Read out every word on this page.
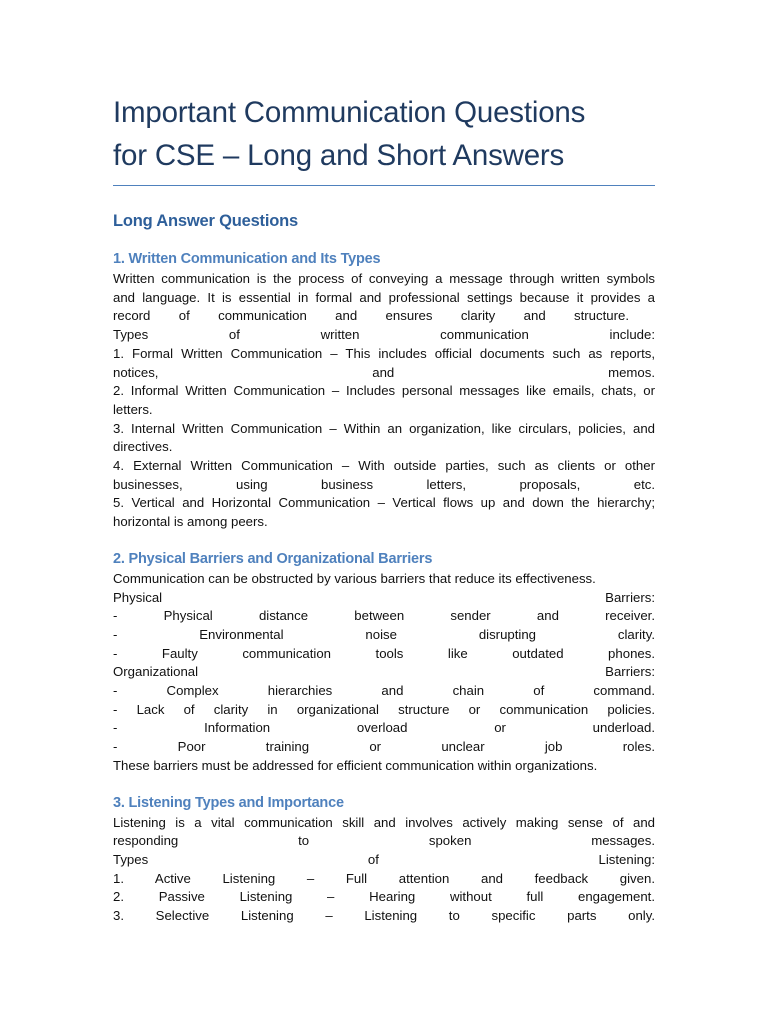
Important Communication Questions
for CSE – Long and Short Answers
Long Answer Questions
1. Written Communication and Its Types
Written communication is the process of conveying a message through written symbols
and language. It is essential in formal and professional settings because it provides a
record of communication and ensures clarity and structure.
Types of written communication include:
1. Formal Written Communication – This includes official documents such as reports,
notices, and memos.
2. Informal Written Communication – Includes personal messages like emails, chats, or
letters.
3. Internal Written Communication – Within an organization, like circulars, policies, and
directives.
4. External Written Communication – With outside parties, such as clients or other
businesses, using business letters, proposals, etc.
5. Vertical and Horizontal Communication – Vertical flows up and down the hierarchy;
horizontal is among peers.
2. Physical Barriers and Organizational Barriers
Communication can be obstructed by various barriers that reduce its effectiveness.
Physical Barriers:
- Physical distance between sender and receiver.
- Environmental noise disrupting clarity.
- Faulty communication tools like outdated phones.
Organizational Barriers:
- Complex hierarchies and chain of command.
- Lack of clarity in organizational structure or communication policies.
- Information overload or underload.
- Poor training or unclear job roles.
These barriers must be addressed for efficient communication within organizations.
3. Listening Types and Importance
Listening is a vital communication skill and involves actively making sense of and
responding to spoken messages.
Types of Listening:
1. Active Listening – Full attention and feedback given.
2. Passive Listening – Hearing without full engagement.
3. Selective Listening – Listening to specific parts only.
